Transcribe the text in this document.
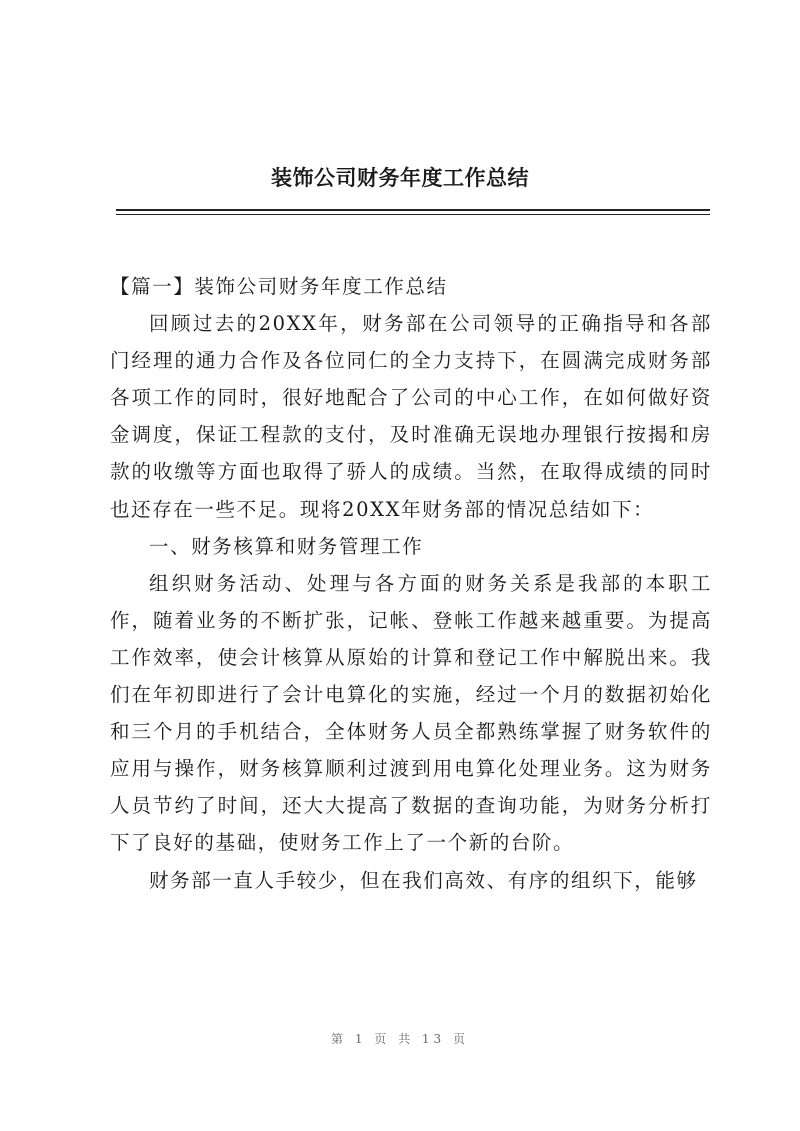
装饰公司财务年度工作总结

【篇一】装饰公司财务年度工作总结

回顾过去的20XX年，财务部在公司领导的正确指导和各部门经理的通力合作及各位同仁的全力支持下，在圆满完成财务部各项工作的同时，很好地配合了公司的中心工作，在如何做好资金调度，保证工程款的支付，及时准确无误地办理银行按揭和房款的收缴等方面也取得了骄人的成绩。当然，在取得成绩的同时也还存在一些不足。现将20XX年财务部的情况总结如下：

一、财务核算和财务管理工作

组织财务活动、处理与各方面的财务关系是我部的本职工作，随着业务的不断扩张，记帐、登帐工作越来越重要。为提高工作效率，使会计核算从原始的计算和登记工作中解脱出来。我们在年初即进行了会计电算化的实施，经过一个月的数据初始化和三个月的手机结合，全体财务人员全都熟练掌握了财务软件的应用与操作，财务核算顺利过渡到用电算化处理业务。这为财务人员节约了时间，还大大提高了数据的查询功能，为财务分析打下了良好的基础，使财务工作上了一个新的台阶。

财务部一直人手较少，但在我们高效、有序的组织下，能够

第 1 页 共 13 页
